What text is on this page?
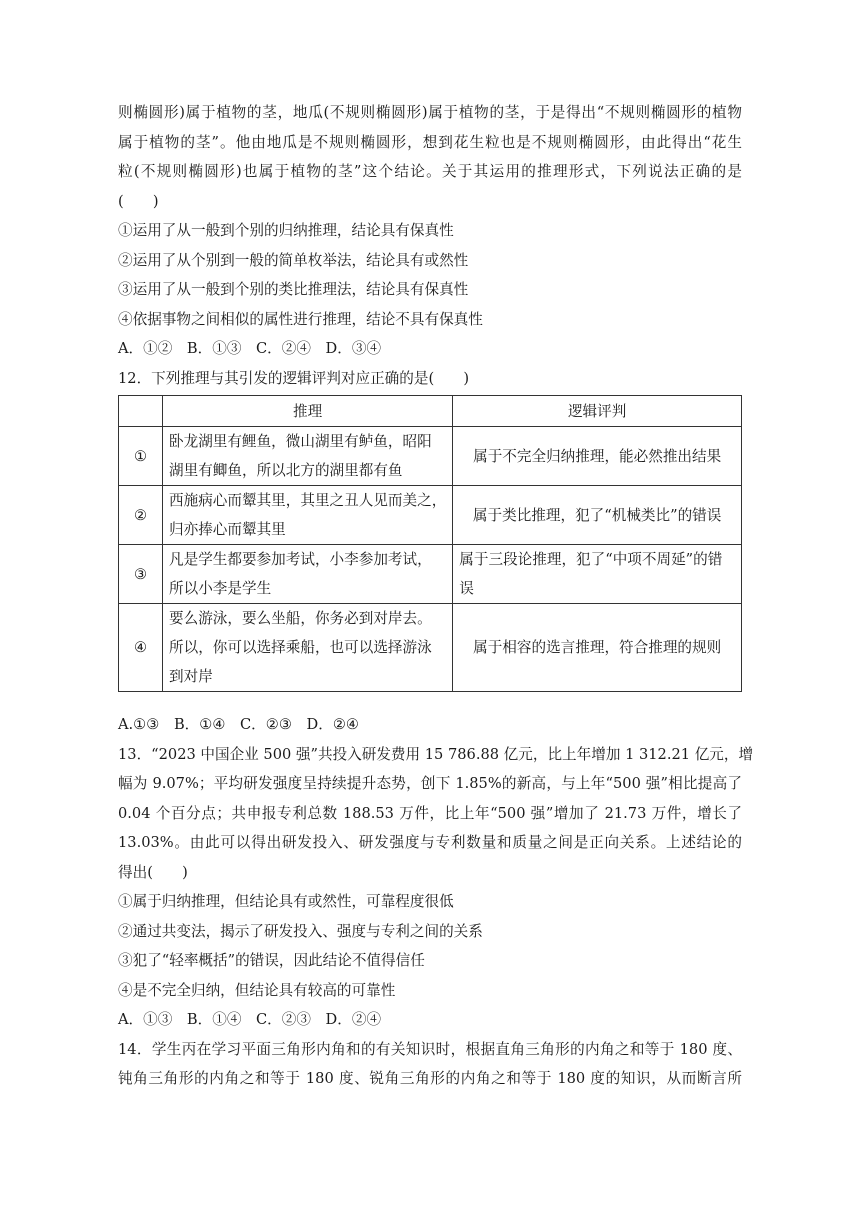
则椭圆形)属于植物的茎，地瓜(不规则椭圆形)属于植物的茎，于是得出“不规则椭圆形的植物
属于植物的茎”。他由地瓜是不规则椭圆形，想到花生粒也是不规则椭圆形，由此得出“花生
粒(不规则椭圆形)也属于植物的茎”这个结论。关于其运用的推理形式，下列说法正确的是
(　　)
①运用了从一般到个别的归纳推理，结论具有保真性
②运用了从个别到一般的简单枚举法，结论具有或然性
③运用了从一般到个别的类比推理法，结论具有保真性
④依据事物之间相似的属性进行推理，结论不具有保真性
A．①②　B．①③　C．②④　D．③④
12．下列推理与其引发的逻辑评判对应正确的是(　　)
	推理	逻辑评判
①	卧龙湖里有鲤鱼，微山湖里有鲈鱼，昭阳
湖里有鲫鱼，所以北方的湖里都有鱼	属于不完全归纳推理，能必然推出结果

②	西施病心而颦其里，其里之丑人见而美之，
归亦捧心而颦其里	属于类比推理，犯了“机械类比”的错误

③	凡是学生都要参加考试，小李参加考试，
所以小李是学生	属于三段论推理，犯了“中项不周延”的错
误

④	要么游泳，要么坐船，你务必到对岸去。
所以，你可以选择乘船，也可以选择游泳
到对岸	属于相容的选言推理，符合推理的规则
A.①③　B．①④　C．②③　D．②④
13．“2023 中国企业 500 强”共投入研发费用 15 786.88 亿元，比上年增加 1 312.21 亿元，增
幅为 9.07%；平均研发强度呈持续提升态势，创下 1.85%的新高，与上年“500 强”相比提高了
0.04 个百分点；共申报专利总数 188.53 万件，比上年“500 强”增加了 21.73 万件，增长了
13.03%。由此可以得出研发投入、研发强度与专利数量和质量之间是正向关系。上述结论的
得出(　　)
①属于归纳推理，但结论具有或然性，可靠程度很低
②通过共变法，揭示了研发投入、强度与专利之间的关系
③犯了“轻率概括”的错误，因此结论不值得信任
④是不完全归纳，但结论具有较高的可靠性
A．①③　B．①④　C．②③　D．②④
14．学生丙在学习平面三角形内角和的有关知识时，根据直角三角形的内角之和等于 180 度、
钝角三角形的内角之和等于 180 度、锐角三角形的内角之和等于 180 度的知识，从而断言所
